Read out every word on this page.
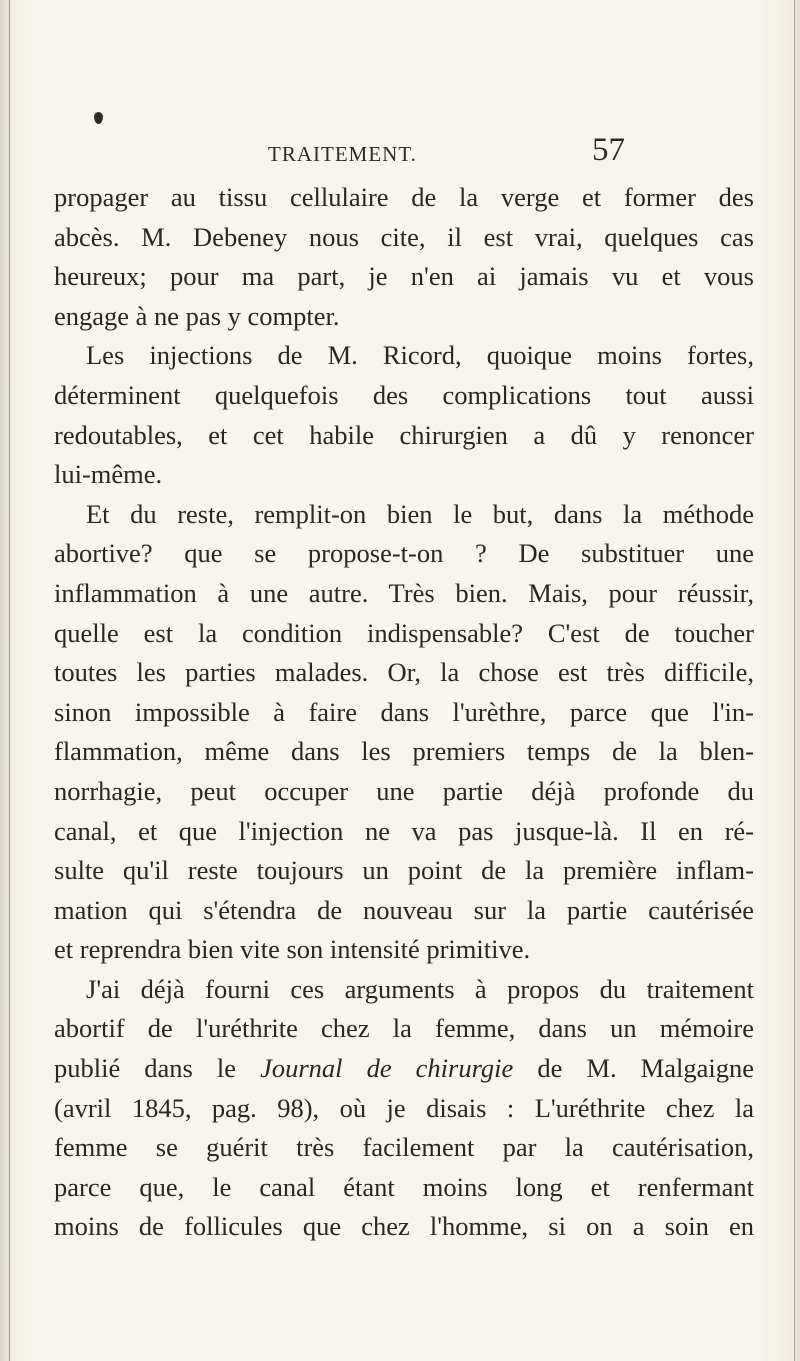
TRAITEMENT.	57
propager au tissu cellulaire de la verge et former des
abcès. M. Debeney nous cite, il est vrai, quelques cas
heureux; pour ma part, je n'en ai jamais vu et vous
engage à ne pas y compter.
Les injections de M. Ricord, quoique moins fortes,
déterminent quelquefois des complications tout aussi
redoutables, et cet habile chirurgien a dû y renoncer
lui-même.
Et du reste, remplit-on bien le but, dans la méthode
abortive? que se propose-t-on ? De substituer une
inflammation à une autre. Très bien. Mais, pour réussir,
quelle est la condition indispensable? C'est de toucher
toutes les parties malades. Or, la chose est très difficile,
sinon impossible à faire dans l'urèthre, parce que l'in-
flammation, même dans les premiers temps de la blen-
norrhagie, peut occuper une partie déjà profonde du
canal, et que l'injection ne va pas jusque-là. Il en ré-
sulte qu'il reste toujours un point de la première inflam-
mation qui s'étendra de nouveau sur la partie cautérisée
et reprendra bien vite son intensité primitive.
J'ai déjà fourni ces arguments à propos du traitement
abortif de l'uréthrite chez la femme, dans un mémoire
publié dans le Journal de chirurgie de M. Malgaigne
(avril 1845, pag. 98), où je disais : L'uréthrite chez la
femme se guérit très facilement par la cautérisation,
parce que, le canal étant moins long et renfermant
moins de follicules que chez l'homme, si on a soin en
